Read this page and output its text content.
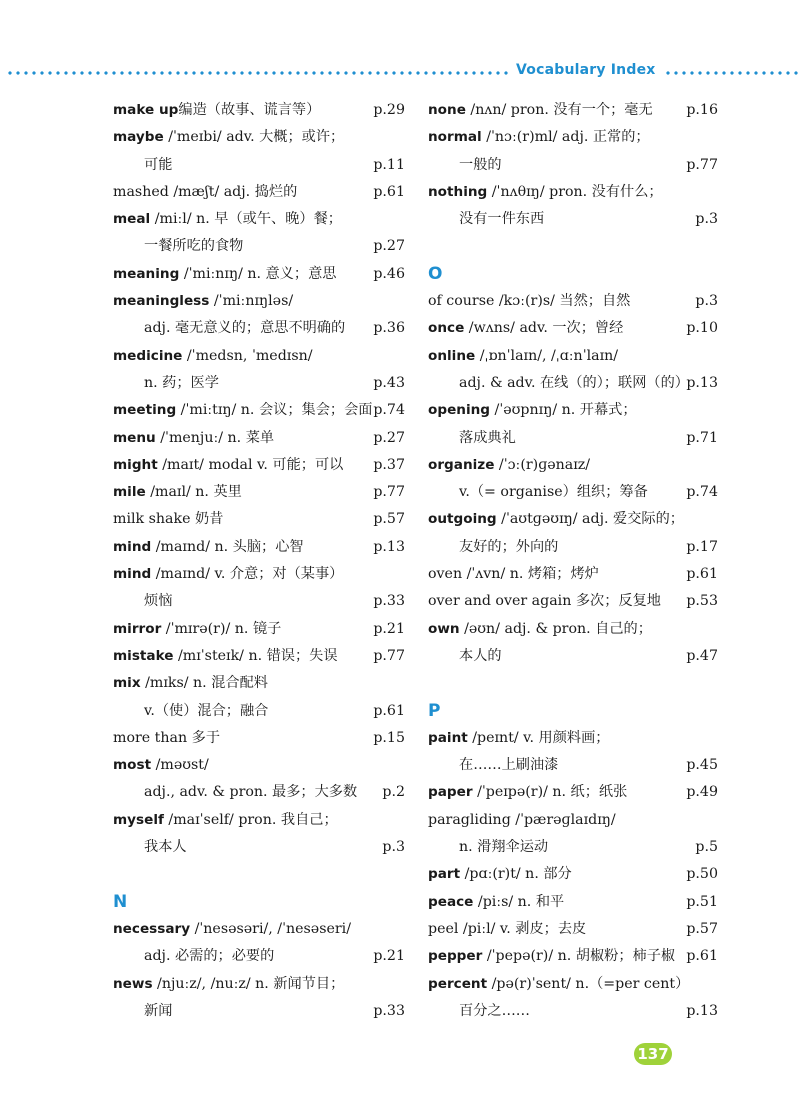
Vocabulary Index
make up编造（故事、谎言等）	p.29
maybe /ˈmeɪbi/ adv. 大概；或许；
可能	p.11
mashed /mæʃt/ adj. 捣烂的	p.61
meal /miːl/ n. 早（或午、晚）餐；
一餐所吃的食物	p.27
meaning /ˈmiːnɪŋ/ n. 意义；意思	p.46
meaningless /ˈmiːnɪŋləs/
adj. 毫无意义的；意思不明确的 p.36
medicine /ˈmedsn, ˈmedɪsn/
n. 药；医学	p.43
meeting /ˈmiːtɪŋ/ n. 会议；集会；会面 p.74
menu /ˈmenjuː/ n. 菜单	p.27
might /maɪt/ modal v. 可能；可以 p.37
mile /maɪl/ n. 英里	p.77
milk shake 奶昔	p.57
mind /maɪnd/ n. 头脑；心智	p.13
mind /maɪnd/ v. 介意；对（某事）
烦恼	p.33
mirror /ˈmɪrə(r)/ n. 镜子	p.21
mistake /mɪˈsteɪk/ n. 错误；失误	p.77
mix /mɪks/ n. 混合配料
v.（使）混合；融合	p.61
more than 多于	p.15
most /məʊst/
adj., adv. & pron. 最多；大多数 p.2
myself /maɪˈself/ pron. 我自己；
我本人	p.3
N
necessary /ˈnesəsəri/, /ˈnesəseri/
adj. 必需的；必要的	p.21
news /njuːz/, /nuːz/ n. 新闻节目；
新闻	p.33
none /nʌn/ pron. 没有一个；毫无 p.16
normal /ˈnɔː(r)ml/ adj. 正常的；
一般的	p.77
nothing /ˈnʌθɪŋ/ pron. 没有什么；
没有一件东西	p.3
O
of course /kɔː(r)s/ 当然；自然	p.3
once /wʌns/ adv. 一次；曾经	p.10
online /ˌɒnˈlaɪn/, /ˌɑːnˈlaɪn/
adj. & adv. 在线（的）；联网（的）
p.13
opening /ˈəʊpnɪŋ/ n. 开幕式；
落成典礼	p.71
organize /ˈɔː(r)ɡənaɪz/
v.（= organise）组织；筹备	p.74
outgoing /ˈaʊtɡəʊɪŋ/ adj. 爱交际的；
友好的；外向的	p.17
oven /ˈʌvn/ n. 烤箱；烤炉	p.61
over and over again 多次；反复地 p.53
own /əʊn/ adj. & pron. 自己的；
本人的	p.47
P
paint /peɪnt/ v. 用颜料画；
在……上刷油漆	p.45
paper /ˈpeɪpə(r)/ n. 纸；纸张	p.49
paragliding /ˈpærəɡlaɪdɪŋ/
n. 滑翔伞运动	p.5
part /pɑː(r)t/ n. 部分	p.50
peace /piːs/ n. 和平	p.51
peel /piːl/ v. 剥皮；去皮	p.57
pepper /ˈpepə(r)/ n. 胡椒粉；柿子椒 p.61
percent /pə(r)ˈsent/ n.（=per cent）
百分之……	p.13
137
